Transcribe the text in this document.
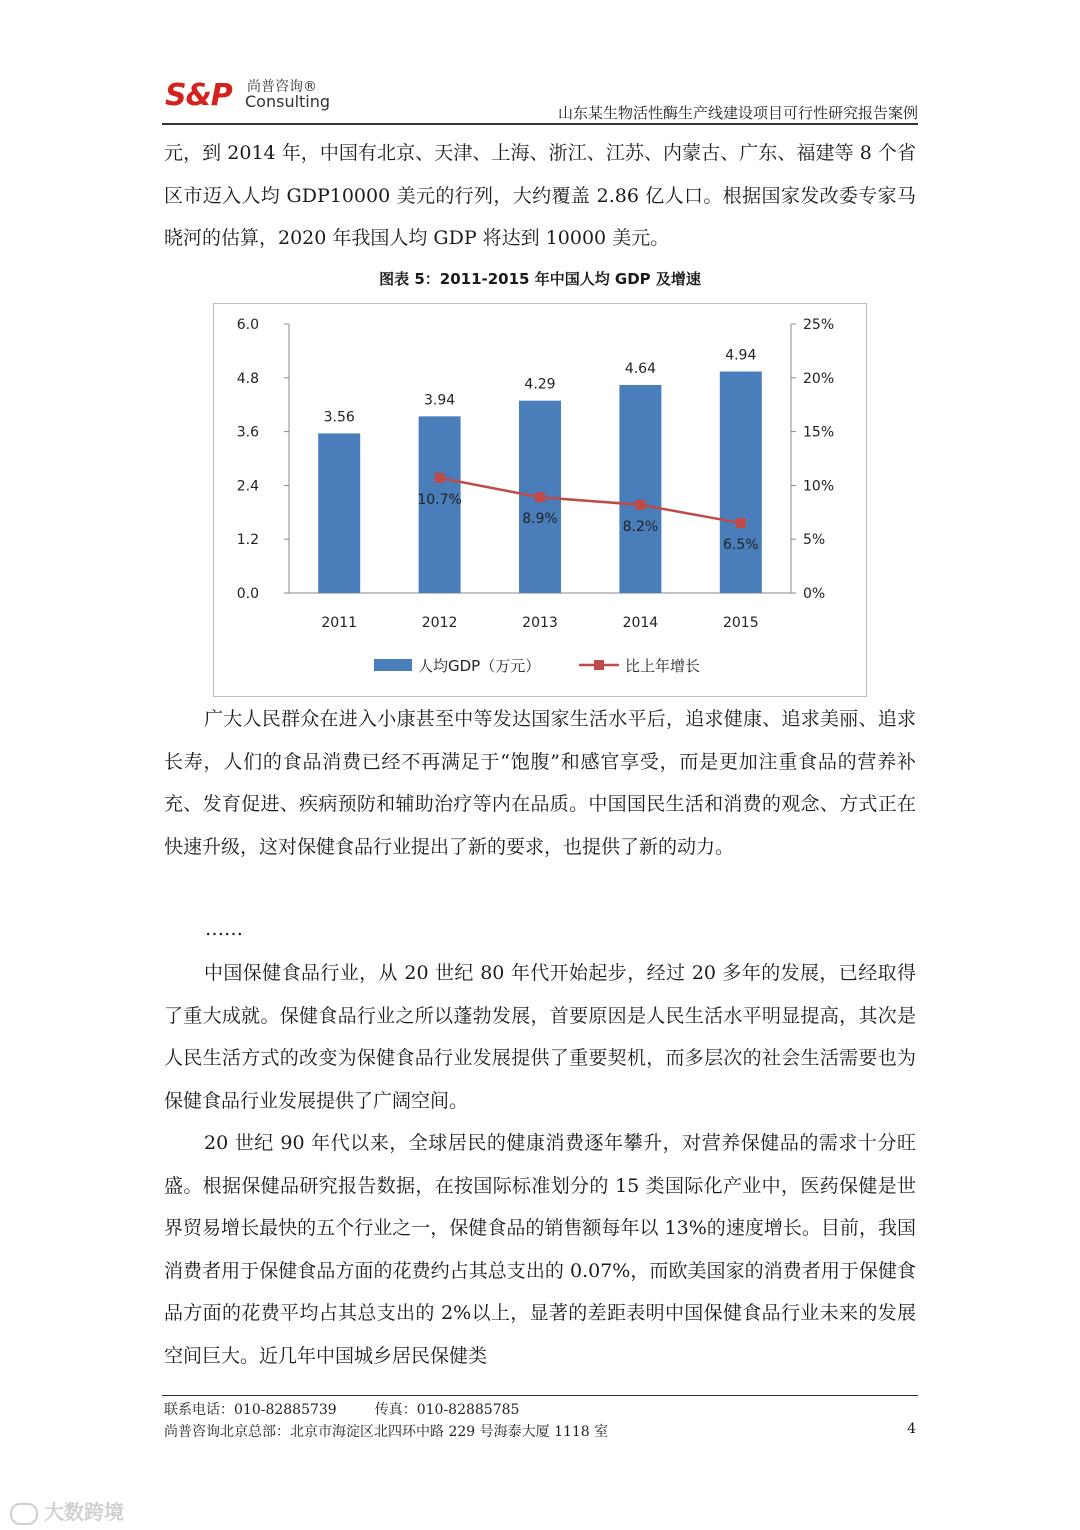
S&P 尚普咨询®
Consulting
山东某生物活性酶生产线建设项目可行性研究报告案例
元，到 2014 年，中国有北京、天津、上海、浙江、江苏、内蒙古、广东、福建等 8 个省区市迈入人均 GDP10000 美元的行列，大约覆盖 2.86 亿人口。根据国家发改委专家马晓河的估算，2020 年我国人均 GDP 将达到 10000 美元。
图表 5：2011-2015 年中国人均 GDP 及增速
0.0
1.2
2.4
3.6
4.8
6.0
0%
5%
10%
15%
20%
25%
3.56
3.94
4.29
4.64
4.94
2011	2012	2013	2014	2015
10.7%
8.9%	8.2%
6.5%
人均GDP（万元）	比上年增长
广大人民群众在进入小康甚至中等发达国家生活水平后，追求健康、追求美丽、追求长寿，人们的食品消费已经不再满足于“饱腹”和感官享受，而是更加注重食品的营养补充、发育促进、疾病预防和辅助治疗等内在品质。中国国民生活和消费的观念、方式正在快速升级，这对保健食品行业提出了新的要求，也提供了新的动力。
……
中国保健食品行业，从 20 世纪 80 年代开始起步，经过 20 多年的发展，已经取得了重大成就。保健食品行业之所以蓬勃发展，首要原因是人民生活水平明显提高，其次是人民生活方式的改变为保健食品行业发展提供了重要契机，而多层次的社会生活需要也为保健食品行业发展提供了广阔空间。
20 世纪 90 年代以来，全球居民的健康消费逐年攀升，对营养保健品的需求十分旺盛。根据保健品研究报告数据，在按国际标准划分的 15 类国际化产业中，医药保健是世界贸易增长最快的五个行业之一，保健食品的销售额每年以 13%的速度增长。目前，我国消费者用于保健食品方面的花费约占其总支出的 0.07%，而欧美国家的消费者用于保健食品方面的花费平均占其总支出的 2%以上，显著的差距表明中国保健食品行业未来的发展空间巨大。近几年中国城乡居民保健类
联系电话：010-82885739	传真：010-82885785
尚普咨询北京总部：北京市海淀区北四环中路 229 号海泰大厦 1118 室	4
大数跨境
